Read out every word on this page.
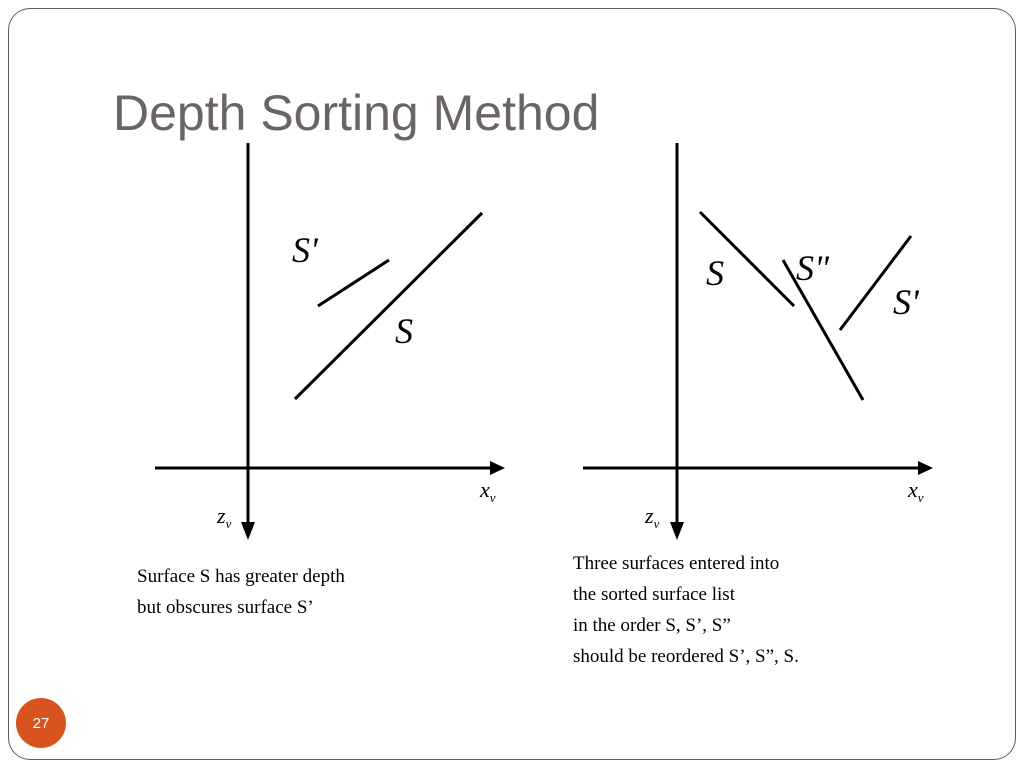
Depth Sorting Method
S'
S
$x_v$
$z_v$
S S"
S'
$x_v$
$z_v$
Surface S has greater depth
but obscures surface S’
Three surfaces entered into
the sorted surface list
in the order S, S’, S”
should be reordered S’, S”, S.
27
